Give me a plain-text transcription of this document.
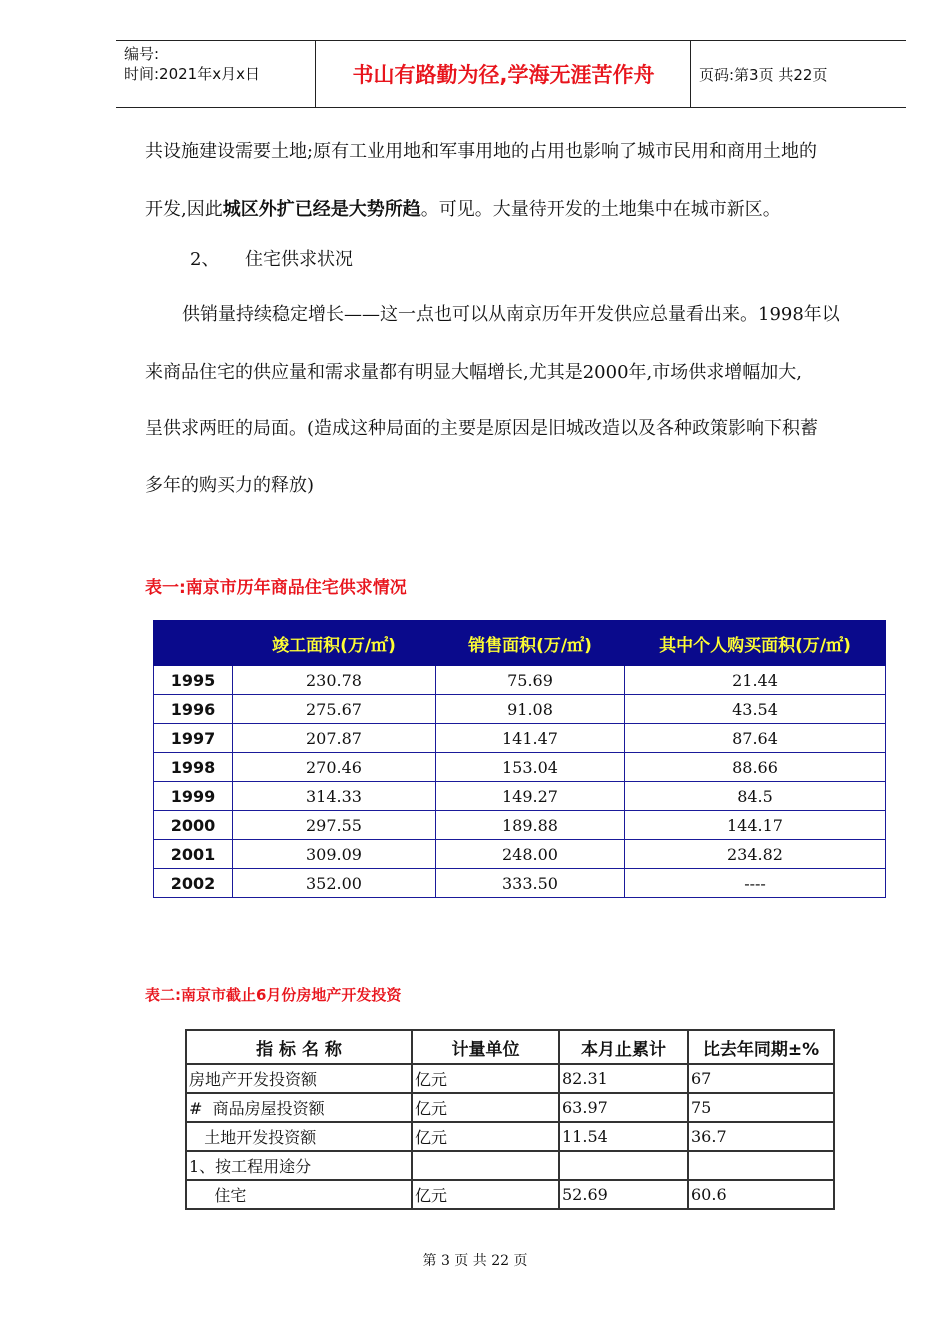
编号:
时间:2021年x月x日	书山有路勤为径,学海无涯苦作舟	页码:第3页 共22页
共设施建设需要土地;原有工业用地和军事用地的占用也影响了城市民用和商用土地的
开发,因此城区外扩已经是大势所趋。可见。大量待开发的土地集中在城市新区。
2、 住宅供求状况
供销量持续稳定增长——这一点也可以从南京历年开发供应总量看出来。1998年以
来商品住宅的供应量和需求量都有明显大幅增长,尤其是2000年,市场供求增幅加大,
呈供求两旺的局面。(造成这种局面的主要是原因是旧城改造以及各种政策影响下积蓄
多年的购买力的释放)
表一:南京市历年商品住宅供求情况
	竣工面积(万/㎡)	销售面积(万/㎡)	其中个人购买面积(万/㎡)
1995	230.78	75.69	21.44
1996	275.67	91.08	43.54
1997	207.87	141.47	87.64
1998	270.46	153.04	88.66
1999	314.33	149.27	84.5
2000	297.55	189.88	144.17
2001	309.09	248.00	234.82
2002	352.00	333.50	----
表二:南京市截止6月份房地产开发投资
指 标 名 称	计量单位	本月止累计	比去年同期±%
房地产开发投资额	亿元	82.31	67
#  商品房屋投资额	亿元	63.97	75
土地开发投资额	亿元	11.54	36.7
1、按工程用途分			
住宅	亿元	52.69	60.6
第 3 页 共 22 页
